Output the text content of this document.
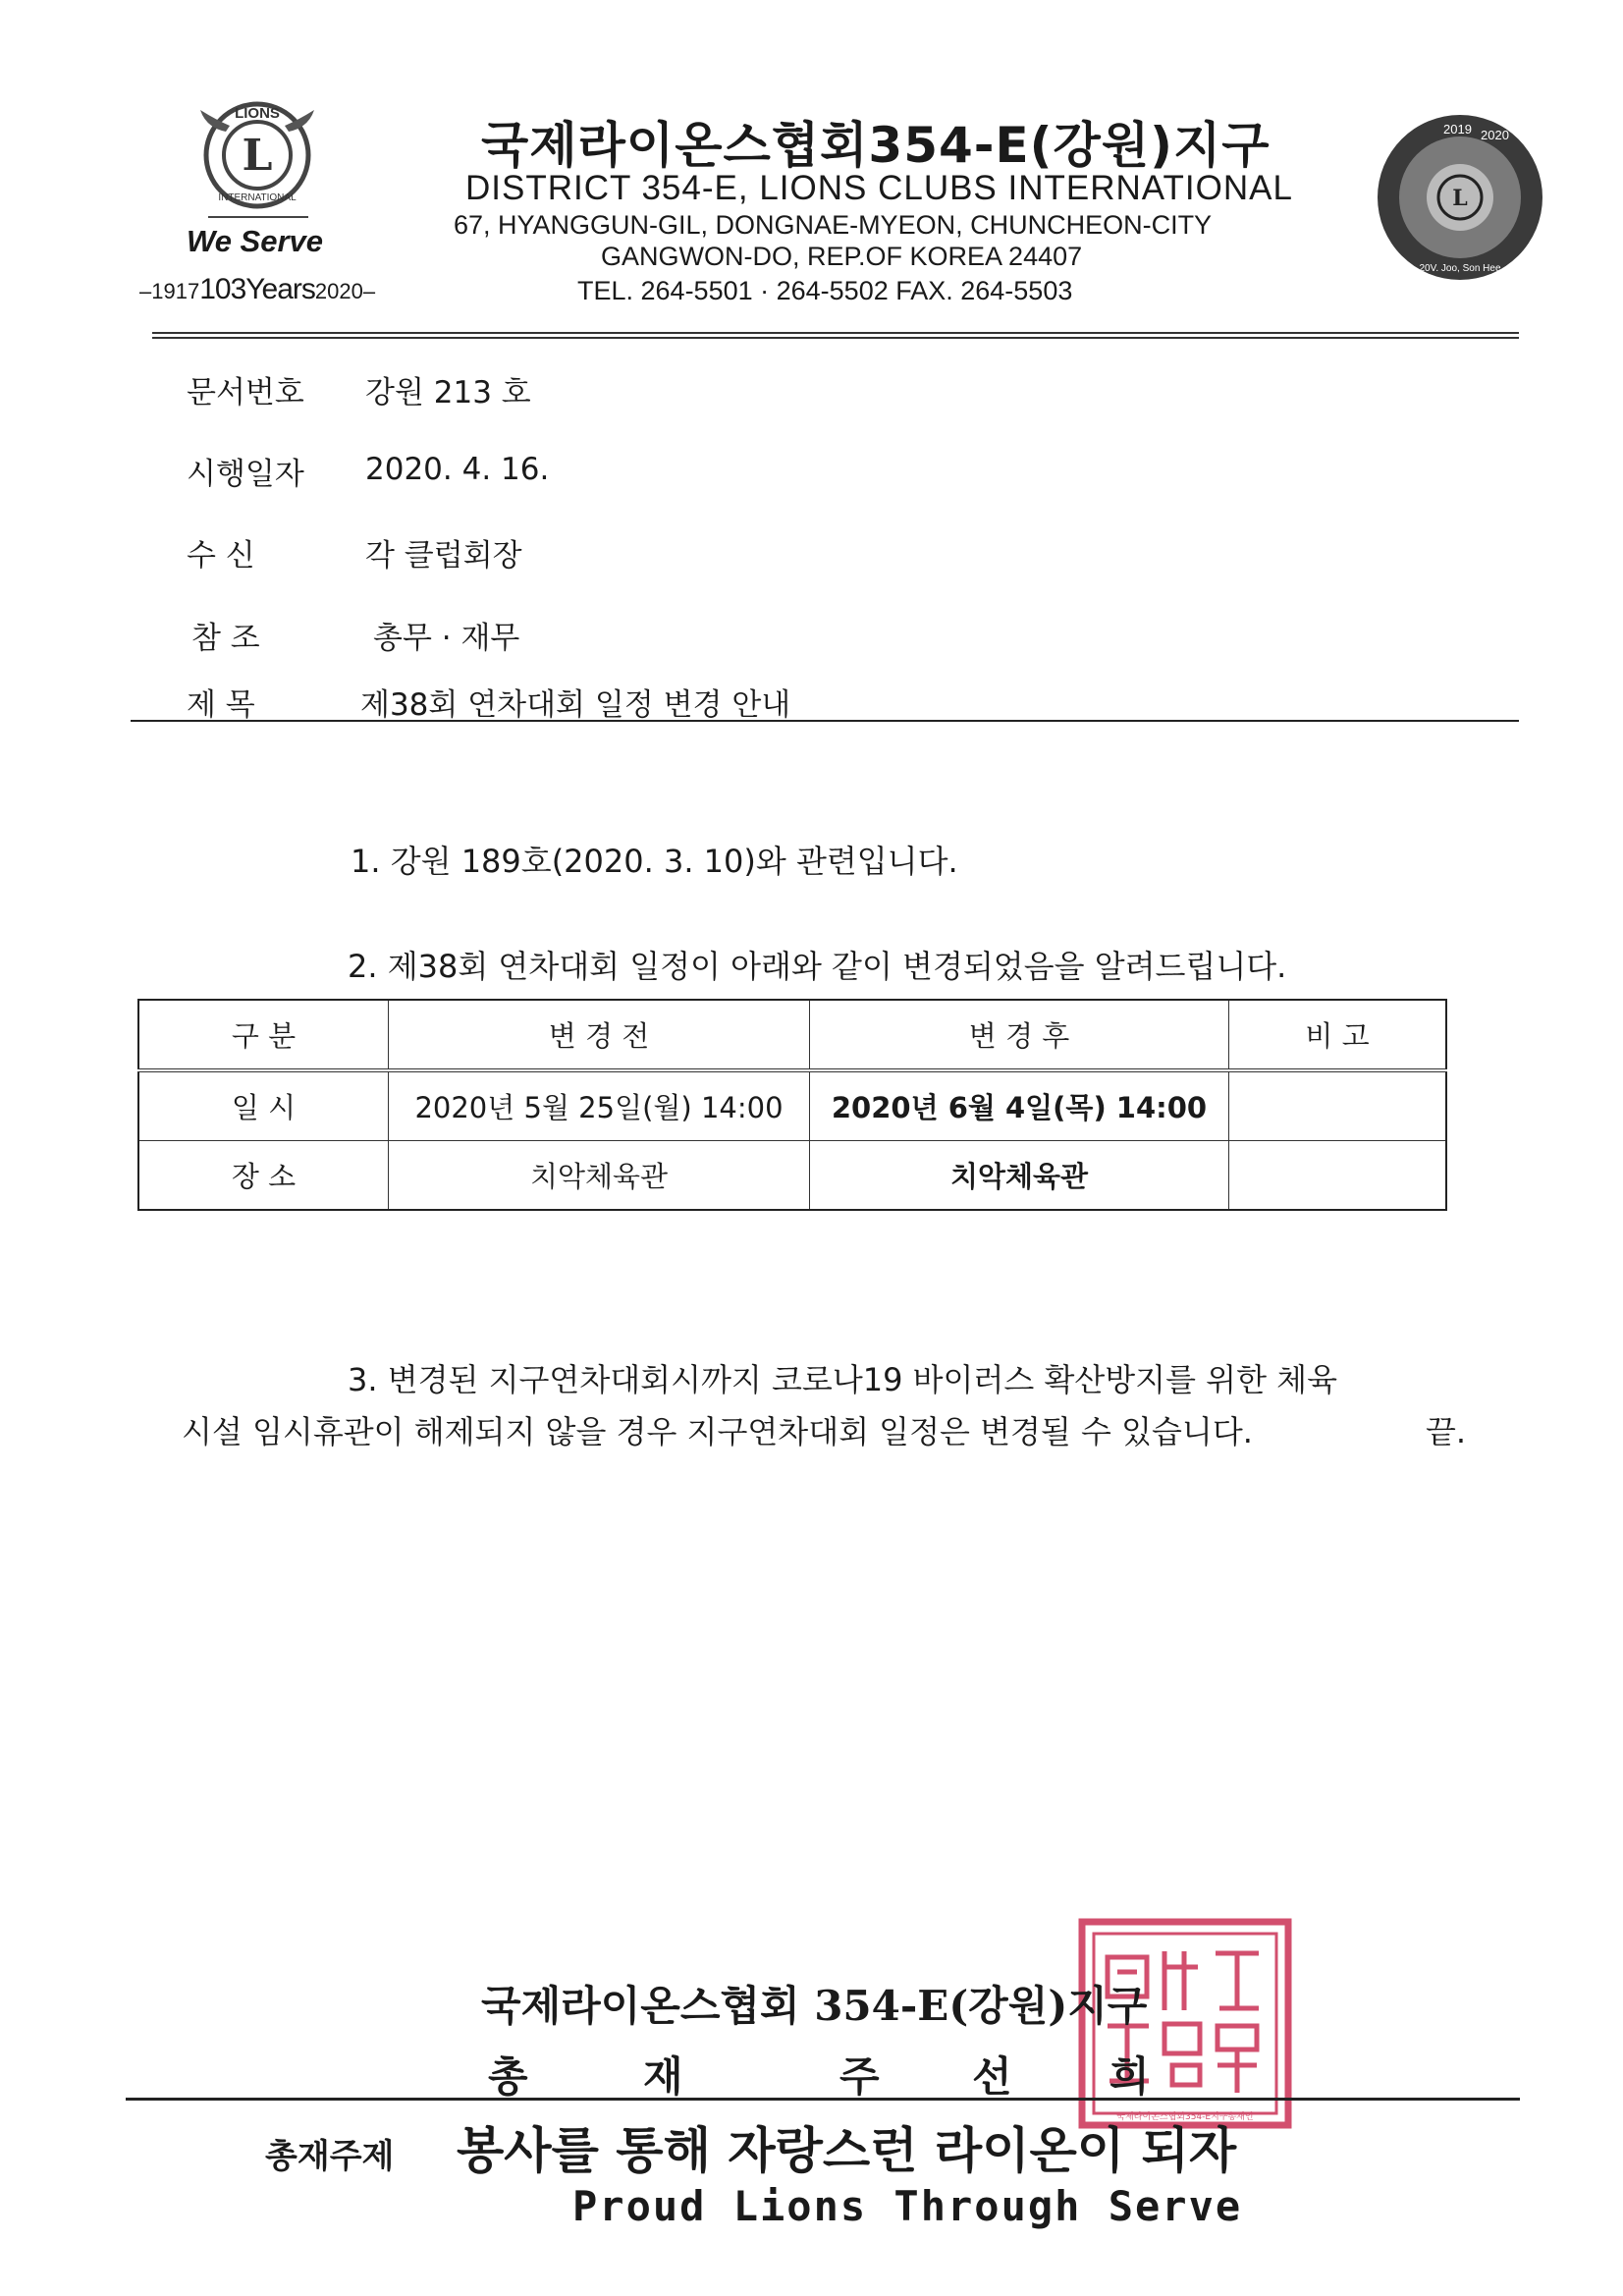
L
LIONS
INTERNATIONAL
We Serve
–1917103Years2020–
국제라이온스협회354-E(강원)지구
DISTRICT 354-E, LIONS CLUBS INTERNATIONAL
67, HYANGGUN-GIL, DONGNAE-MYEON, CHUNCHEON-CITY
GANGWON-DO, REP.OF KOREA 24407
TEL. 264-5501 · 264-5502 FAX. 264-5503
L
2019 2020
20V. Joo, Son Hee
문서번호 강원 213 호
시행일자 2020. 4. 16.
수 신	각 클럽회장
참 조	총무 · 재무
제 목	제38회 연차대회 일정 변경 안내
1. 강원 189호(2020. 3. 10)와 관련입니다.
2. 제38회 연차대회 일정이 아래와 같이 변경되었음을 알려드립니다.
구 분	변 경 전	변 경 후	비 고
일 시	2020년 5월 25일(월) 14:00	2020년 6월 4일(목) 14:00	
장 소	치악체육관	치악체육관	
3. 변경된 지구연차대회시까지 코로나19 바이러스 확산방지를 위한 체육
시설 임시휴관이 해제되지 않을 경우 지구연차대회 일정은 변경될 수 있습니다.	끝.
국제라이온스협회354-E지구총재인
국제라이온스협회 354-E(강원)지구
총	재	주 선 희
총재주제 봉사를 통해 자랑스런 라이온이 되자
Proud Lions Through Serve
